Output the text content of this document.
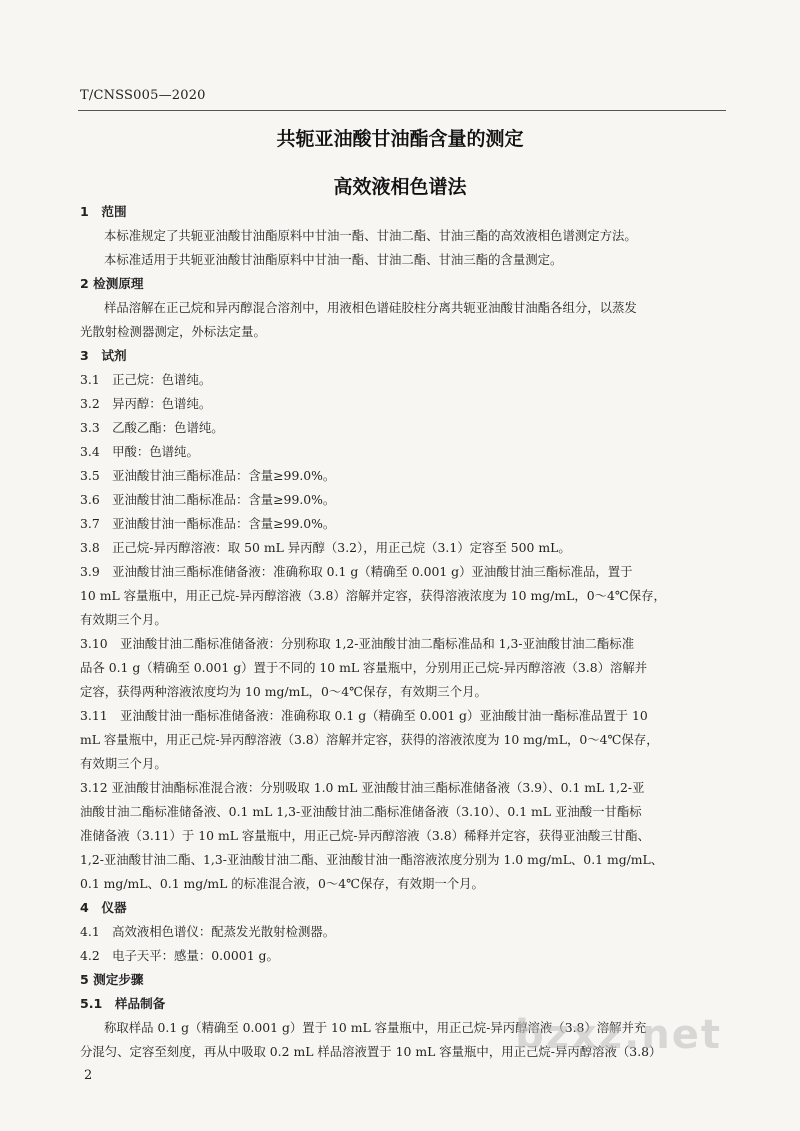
T/CNSS005—2020
共轭亚油酸甘油酯含量的测定
高效液相色谱法
1　范围
本标准规定了共轭亚油酸甘油酯原料中甘油一酯、甘油二酯、甘油三酯的高效液相色谱测定方法。
本标准适用于共轭亚油酸甘油酯原料中甘油一酯、甘油二酯、甘油三酯的含量测定。
2 检测原理
样品溶解在正己烷和异丙醇混合溶剂中，用液相色谱硅胶柱分离共轭亚油酸甘油酯各组分，以蒸发
光散射检测器测定，外标法定量。
3　试剂
3.1　正己烷：色谱纯。
3.2　异丙醇：色谱纯。
3.3　乙酸乙酯：色谱纯。
3.4　甲酸：色谱纯。
3.5　亚油酸甘油三酯标准品：含量≥99.0%。
3.6　亚油酸甘油二酯标准品：含量≥99.0%。
3.7　亚油酸甘油一酯标准品：含量≥99.0%。
3.8　正己烷-异丙醇溶液：取 50 mL 异丙醇（3.2），用正己烷（3.1）定容至 500 mL。
3.9　亚油酸甘油三酯标准储备液：准确称取 0.1 g（精确至 0.001 g）亚油酸甘油三酯标准品，置于
10 mL 容量瓶中，用正己烷-异丙醇溶液（3.8）溶解并定容，获得溶液浓度为 10 mg/mL，0～4℃保存，
有效期三个月。
3.10　亚油酸甘油二酯标准储备液：分别称取 1,2-亚油酸甘油二酯标准品和 1,3-亚油酸甘油二酯标准
品各 0.1 g（精确至 0.001 g）置于不同的 10 mL 容量瓶中，分别用正己烷-异丙醇溶液（3.8）溶解并
定容，获得两种溶液浓度均为 10 mg/mL，0～4℃保存，有效期三个月。
3.11　亚油酸甘油一酯标准储备液：准确称取 0.1 g（精确至 0.001 g）亚油酸甘油一酯标准品置于 10
mL 容量瓶中，用正己烷-异丙醇溶液（3.8）溶解并定容，获得的溶液浓度为 10 mg/mL，0～4℃保存，
有效期三个月。
3.12 亚油酸甘油酯标准混合液：分别吸取 1.0 mL 亚油酸甘油三酯标准储备液（3.9）、0.1 mL 1,2-亚
油酸甘油二酯标准储备液、0.1 mL 1,3-亚油酸甘油二酯标准储备液（3.10）、0.1 mL 亚油酸一甘酯标
准储备液（3.11）于 10 mL 容量瓶中，用正己烷-异丙醇溶液（3.8）稀释并定容，获得亚油酸三甘酯、
1,2-亚油酸甘油二酯、1,3-亚油酸甘油二酯、亚油酸甘油一酯溶液浓度分别为 1.0 mg/mL、0.1 mg/mL、
0.1 mg/mL、0.1 mg/mL 的标准混合液，0～4℃保存，有效期一个月。
4　仪器
4.1　高效液相色谱仪：配蒸发光散射检测器。
4.2　电子天平：感量：0.0001 g。
5 测定步骤
5.1　样品制备
称取样品 0.1 g（精确至 0.001 g）置于 10 mL 容量瓶中，用正己烷-异丙醇溶液（3.8）溶解并充
分混匀、定容至刻度，再从中吸取 0.2 mL 样品溶液置于 10 mL 容量瓶中，用正己烷-异丙醇溶液（3.8）
2
bzxz.net
